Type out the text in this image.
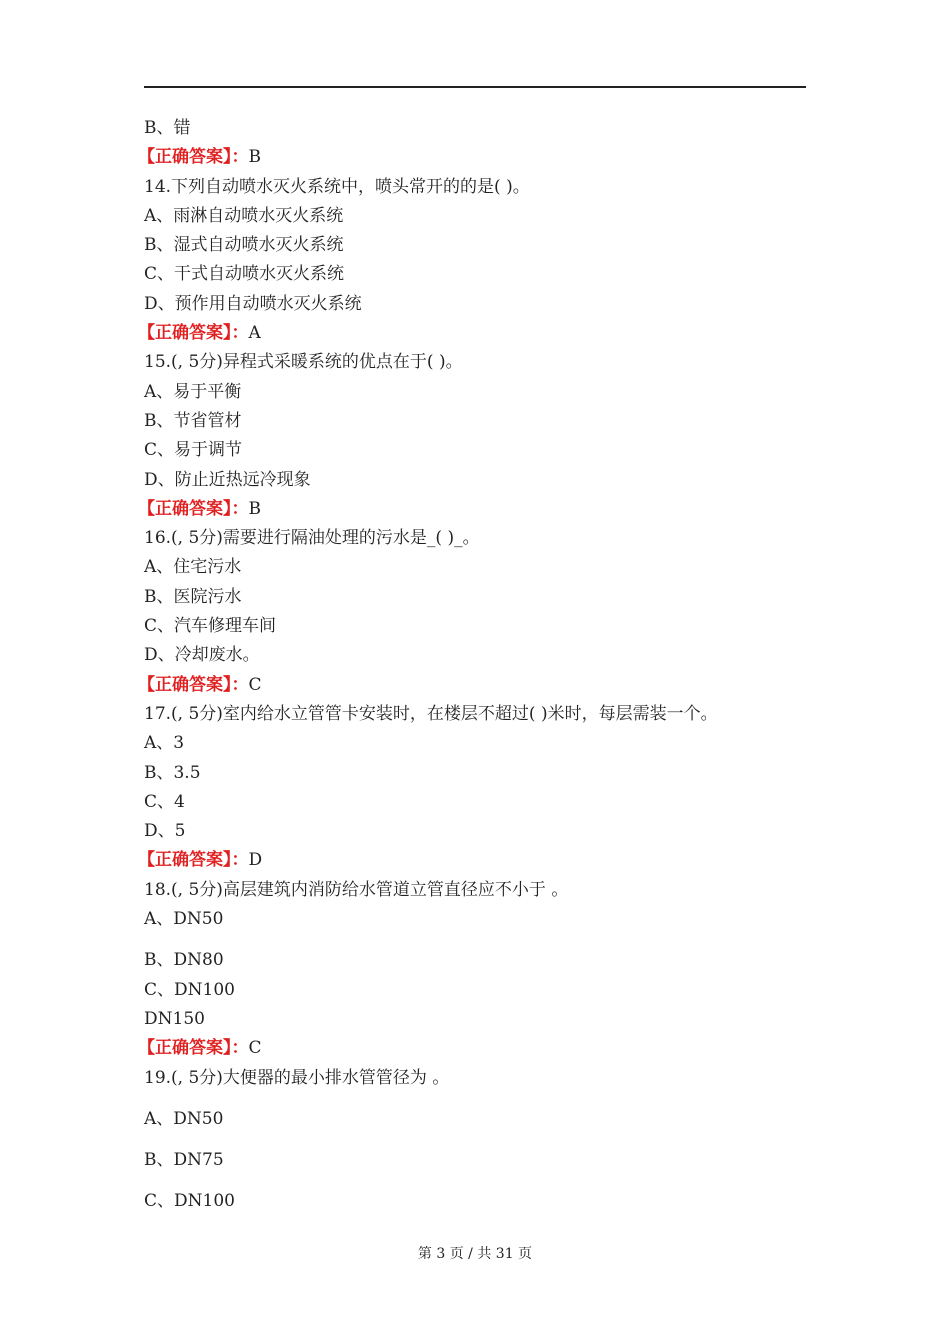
B、错
【正确答案】：B
14.下列自动喷水灭火系统中，喷头常开的的是( )。
A、雨淋自动喷水灭火系统
B、湿式自动喷水灭火系统
C、干式自动喷水灭火系统
D、预作用自动喷水灭火系统
【正确答案】：A
15.(, 5分)异程式采暖系统的优点在于( )。
A、易于平衡
B、节省管材
C、易于调节
D、防止近热远冷现象
【正确答案】：B
16.(, 5分)需要进行隔油处理的污水是_( )_。
A、住宅污水
B、医院污水
C、汽车修理车间
D、冷却废水。
【正确答案】：C
17.(, 5分)室内给水立管管卡安装时，在楼层不超过( )米时，每层需装一个。
A、3
B、3.5
C、4
D、5
【正确答案】：D
18.(, 5分)高层建筑内消防给水管道立管直径应不小于 。
A、DN50
B、DN80
C、DN100
DN150
【正确答案】：C
19.(, 5分)大便器的最小排水管管径为 。
A、DN50
B、DN75
C、DN100
第 3 页 / 共 31 页
